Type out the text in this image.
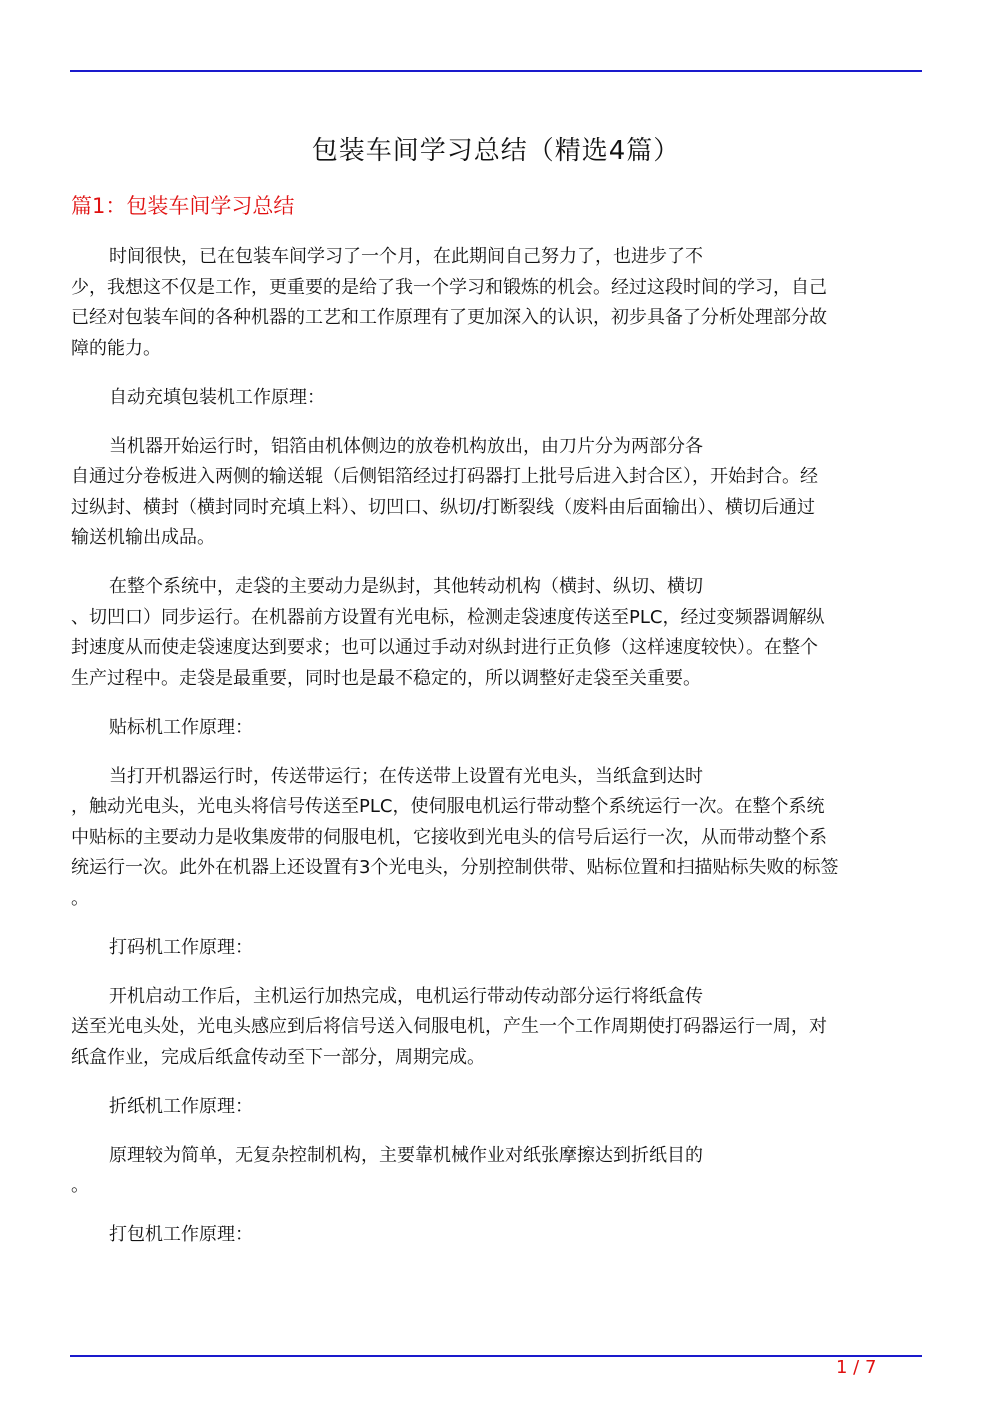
包装车间学习总结（精选4篇）
篇1：包装车间学习总结
时间很快，已在包装车间学习了一个月，在此期间自己努力了，也进步了不
少，我想这不仅是工作，更重要的是给了我一个学习和锻炼的机会。经过这段时间的学习，自己
已经对包装车间的各种机器的工艺和工作原理有了更加深入的认识，初步具备了分析处理部分故
障的能力。
自动充填包装机工作原理：
当机器开始运行时，铝箔由机体侧边的放卷机构放出，由刀片分为两部分各
自通过分卷板进入两侧的输送辊（后侧铝箔经过打码器打上批号后进入封合区），开始封合。经
过纵封、横封（横封同时充填上料）、切凹口、纵切/打断裂线（废料由后面输出）、横切后通过
输送机输出成品。
在整个系统中，走袋的主要动力是纵封，其他转动机构（横封、纵切、横切
、切凹口）同步运行。在机器前方设置有光电标，检测走袋速度传送至PLC，经过变频器调解纵
封速度从而使走袋速度达到要求；也可以通过手动对纵封进行正负修（这样速度较快）。在整个
生产过程中。走袋是最重要，同时也是最不稳定的，所以调整好走袋至关重要。
贴标机工作原理：
当打开机器运行时，传送带运行；在传送带上设置有光电头，当纸盒到达时
，触动光电头，光电头将信号传送至PLC，使伺服电机运行带动整个系统运行一次。在整个系统
中贴标的主要动力是收集废带的伺服电机，它接收到光电头的信号后运行一次，从而带动整个系
统运行一次。此外在机器上还设置有3个光电头，分别控制供带、贴标位置和扫描贴标失败的标签
。
打码机工作原理：
开机启动工作后，主机运行加热完成，电机运行带动传动部分运行将纸盒传
送至光电头处，光电头感应到后将信号送入伺服电机，产生一个工作周期使打码器运行一周，对
纸盒作业，完成后纸盒传动至下一部分，周期完成。
折纸机工作原理：
原理较为简单，无复杂控制机构，主要靠机械作业对纸张摩擦达到折纸目的
。
打包机工作原理：
1 / 7
